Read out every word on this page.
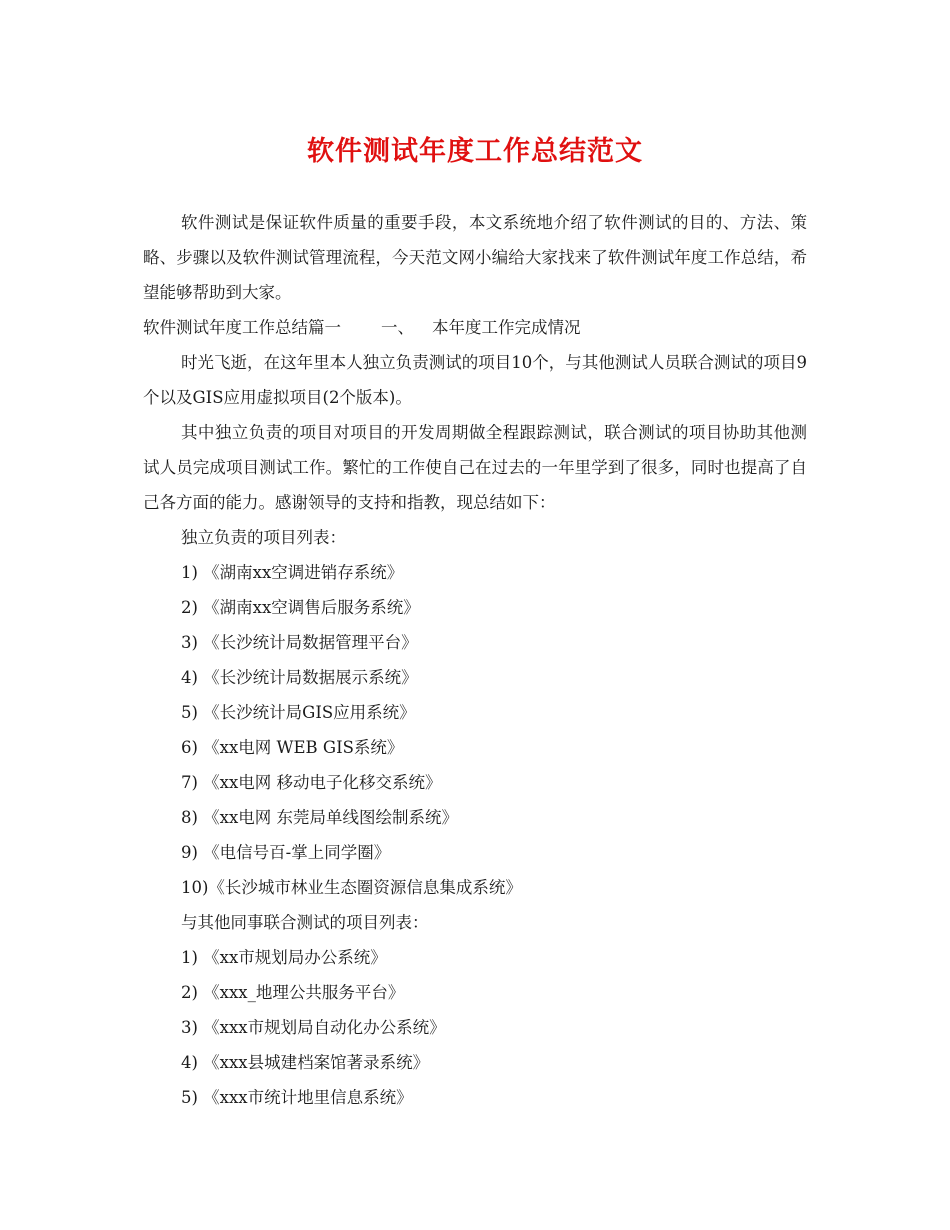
软件测试年度工作总结范文

软件测试是保证软件质量的重要手段，本文系统地介绍了软件测试的目的、方法、策略、步骤以及软件测试管理流程，今天范文网小编给大家找来了软件测试年度工作总结，希望能够帮助到大家。

软件测试年度工作总结篇一 一、 本年度工作完成情况

时光飞逝，在这年里本人独立负责测试的项目10个，与其他测试人员联合测试的项目9个以及GIS应用虚拟项目(2个版本)。

其中独立负责的项目对项目的开发周期做全程跟踪测试，联合测试的项目协助其他测试人员完成项目测试工作。繁忙的工作使自己在过去的一年里学到了很多，同时也提高了自己各方面的能力。感谢领导的支持和指教，现总结如下：

独立负责的项目列表：

1) 《湖南xx空调进销存系统》

2) 《湖南xx空调售后服务系统》

3) 《长沙统计局数据管理平台》

4) 《长沙统计局数据展示系统》

5) 《长沙统计局GIS应用系统》

6) 《xx电网 WEB GIS系统》

7) 《xx电网 移动电子化移交系统》

8) 《xx电网 东莞局单线图绘制系统》

9) 《电信号百-掌上同学圈》

10)《长沙城市林业生态圈资源信息集成系统》

与其他同事联合测试的项目列表：

1) 《xx市规划局办公系统》

2) 《xxx_地理公共服务平台》

3) 《xxx市规划局自动化办公系统》

4) 《xxx县城建档案馆著录系统》

5) 《xxx市统计地里信息系统》
